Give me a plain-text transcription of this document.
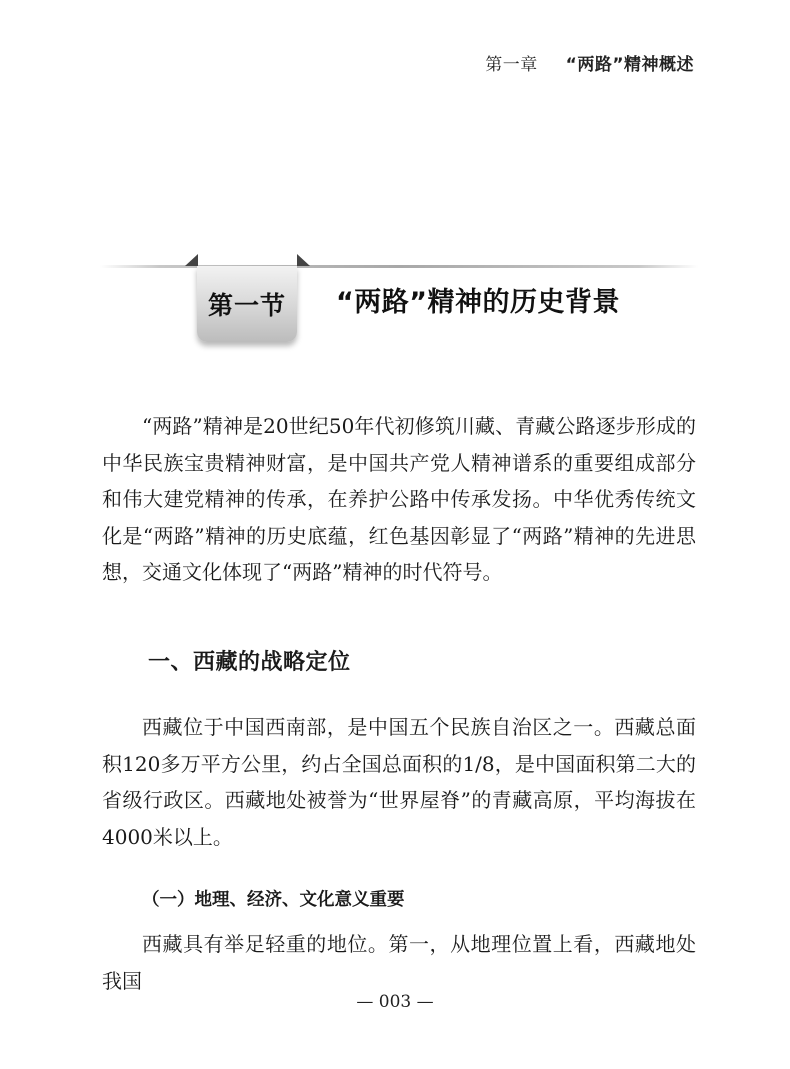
第一章 “两路”精神概述
第一节 “两路”精神的历史背景

“两路”精神是20世纪50年代初修筑川藏、青藏公路逐步形成的中华民族宝贵精神财富，是中国共产党人精神谱系的重要组成部分和伟大建党精神的传承，在养护公路中传承发扬。中华优秀传统文化是“两路”精神的历史底蕴，红色基因彰显了“两路”精神的先进思想，交通文化体现了“两路”精神的时代符号。

一、西藏的战略定位

西藏位于中国西南部，是中国五个民族自治区之一。西藏总面积120多万平方公里，约占全国总面积的1/8，是中国面积第二大的省级行政区。西藏地处被誉为“世界屋脊”的青藏高原，平均海拔在4000米以上。

（一）地理、经济、文化意义重要

西藏具有举足轻重的地位。第一，从地理位置上看，西藏地处我国

— 003 —
